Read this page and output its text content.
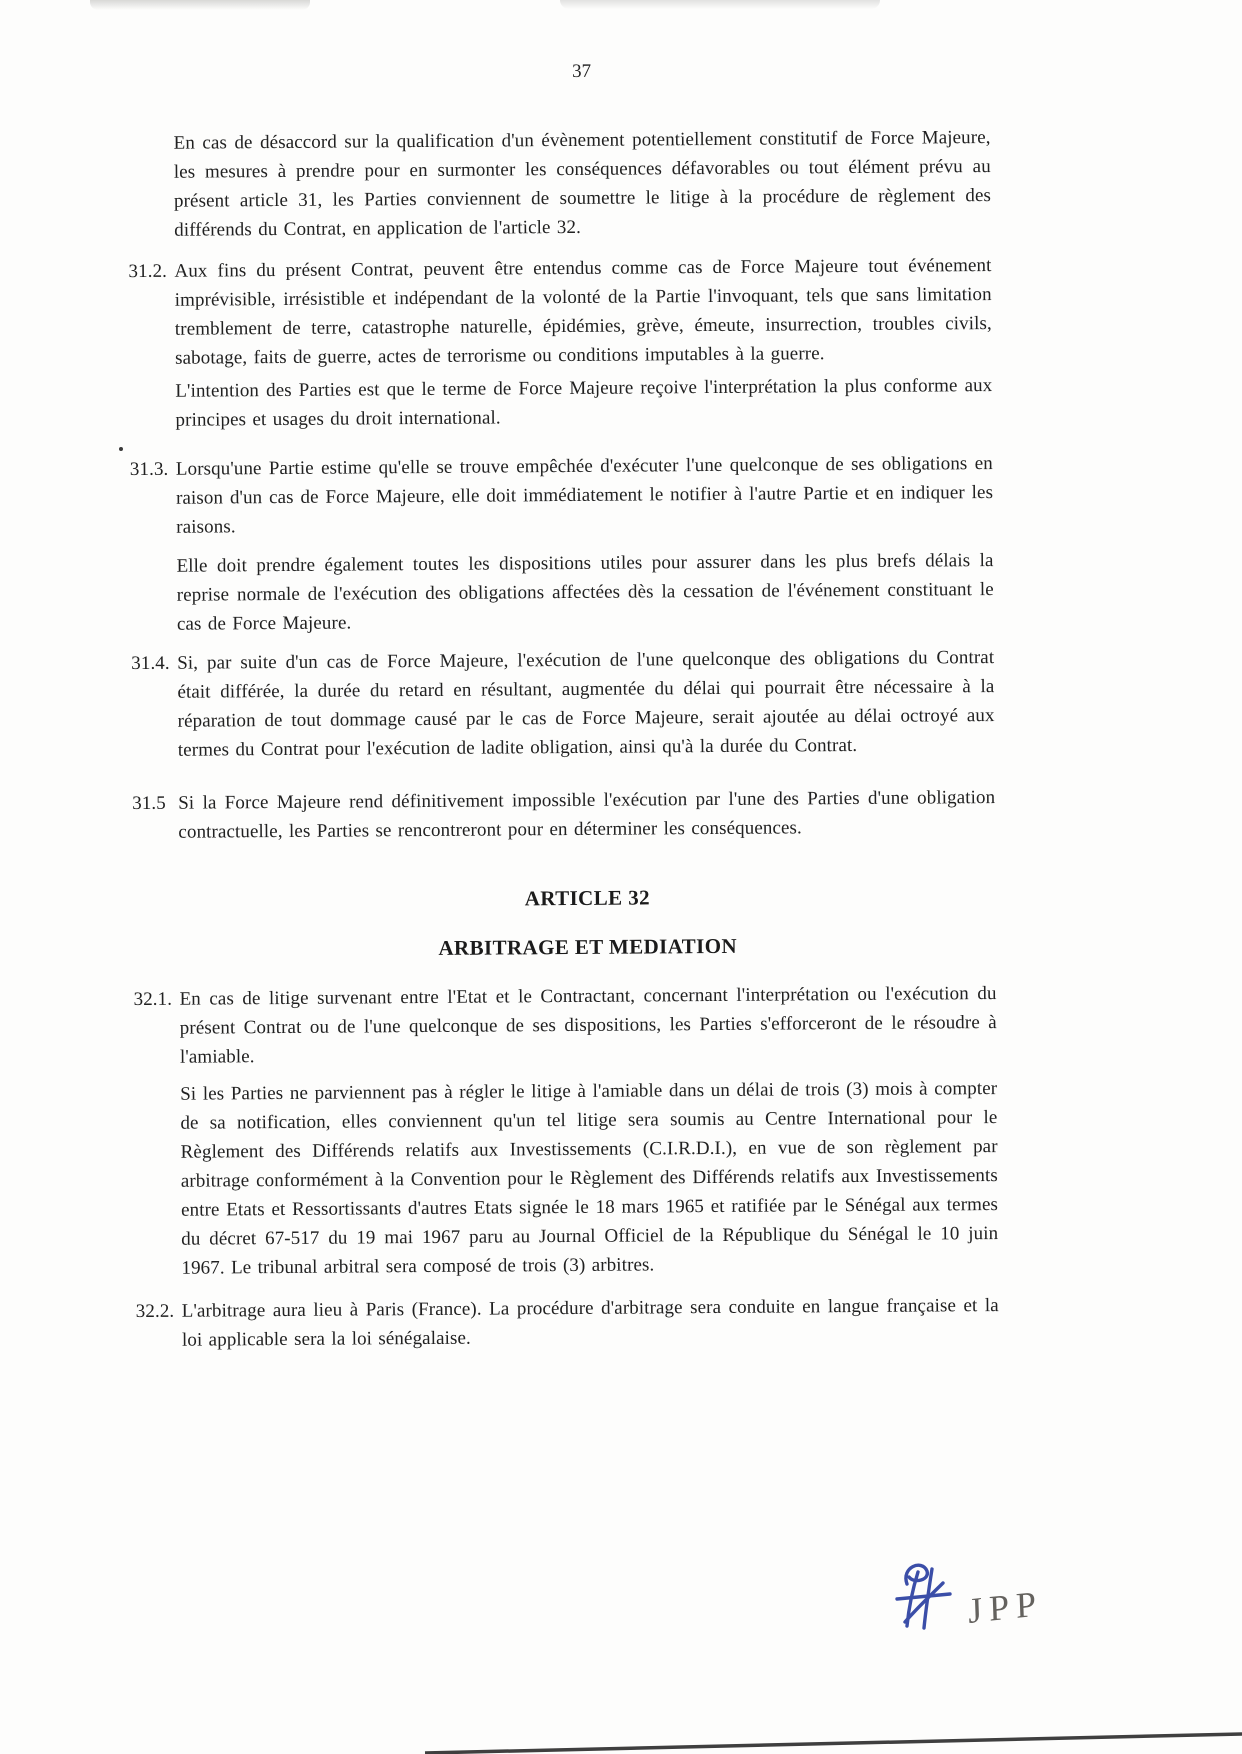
37

En cas de désaccord sur la qualification d'un évènement potentiellement constitutif de Force Majeure, les mesures à prendre pour en surmonter les conséquences défavorables ou tout élément prévu au présent article 31, les Parties conviennent de soumettre le litige à la procédure de règlement des différends du Contrat, en application de l'article 32.

31.2. Aux fins du présent Contrat, peuvent être entendus comme cas de Force Majeure tout événement imprévisible, irrésistible et indépendant de la volonté de la Partie l'invoquant, tels que sans limitation tremblement de terre, catastrophe naturelle, épidémies, grève, émeute, insurrection, troubles civils, sabotage, faits de guerre, actes de terrorisme ou conditions imputables à la guerre.

L'intention des Parties est que le terme de Force Majeure reçoive l'interprétation la plus conforme aux principes et usages du droit international.

31.3. Lorsqu'une Partie estime qu'elle se trouve empêchée d'exécuter l'une quelconque de ses obligations en raison d'un cas de Force Majeure, elle doit immédiatement le notifier à l'autre Partie et en indiquer les raisons.

Elle doit prendre également toutes les dispositions utiles pour assurer dans les plus brefs délais la reprise normale de l'exécution des obligations affectées dès la cessation de l'événement constituant le cas de Force Majeure.

31.4. Si, par suite d'un cas de Force Majeure, l'exécution de l'une quelconque des obligations du Contrat était différée, la durée du retard en résultant, augmentée du délai qui pourrait être nécessaire à la réparation de tout dommage causé par le cas de Force Majeure, serait ajoutée au délai octroyé aux termes du Contrat pour l'exécution de ladite obligation, ainsi qu'à la durée du Contrat.

31.5 Si la Force Majeure rend définitivement impossible l'exécution par l'une des Parties d'une obligation contractuelle, les Parties se rencontreront pour en déterminer les conséquences.

ARTICLE 32
ARBITRAGE ET MEDIATION

32.1. En cas de litige survenant entre l'Etat et le Contractant, concernant l'interprétation ou l'exécution du présent Contrat ou de l'une quelconque de ses dispositions, les Parties s'efforceront de le résoudre à l'amiable.

Si les Parties ne parviennent pas à régler le litige à l'amiable dans un délai de trois (3) mois à compter de sa notification, elles conviennent qu'un tel litige sera soumis au Centre International pour le Règlement des Différends relatifs aux Investissements (C.I.R.D.I.), en vue de son règlement par arbitrage conformément à la Convention pour le Règlement des Différends relatifs aux Investissements entre Etats et Ressortissants d'autres Etats signée le 18 mars 1965 et ratifiée par le Sénégal aux termes du décret 67-517 du 19 mai 1967 paru au Journal Officiel de la République du Sénégal le 10 juin 1967. Le tribunal arbitral sera composé de trois (3) arbitres.

32.2. L'arbitrage aura lieu à Paris (France). La procédure d'arbitrage sera conduite en langue française et la loi applicable sera la loi sénégalaise.

JPP
